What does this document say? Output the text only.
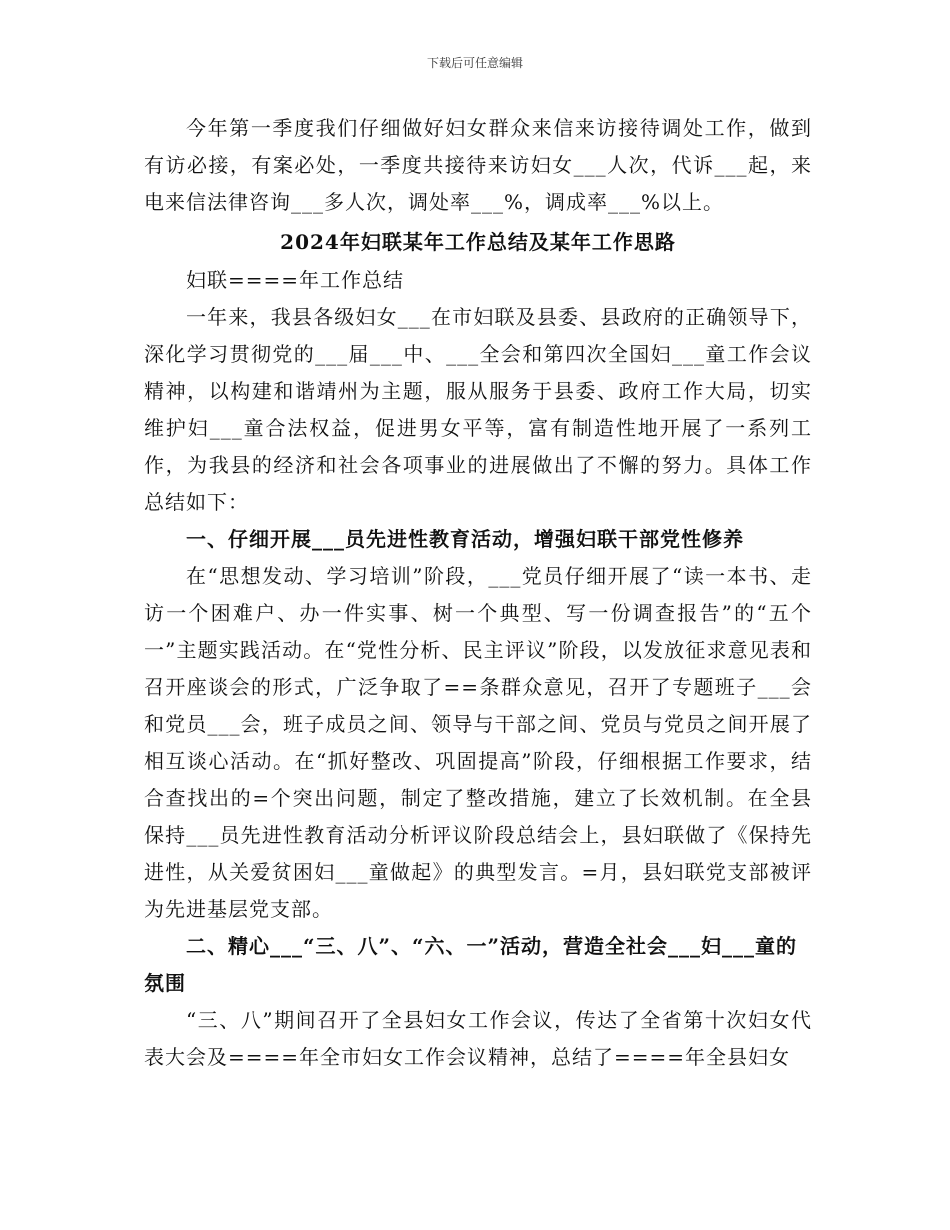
下载后可任意编辑

今年第一季度我们仔细做好妇女群众来信来访接待调处工作，做到有访必接，有案必处，一季度共接待来访妇女___人次，代诉___起，来电来信法律咨询___多人次，调处率___%，调成率___%以上。

2024年妇联某年工作总结及某年工作思路

妇联====年工作总结

一年来，我县各级妇女___在市妇联及县委、县政府的正确领导下，深化学习贯彻党的___届___中、___全会和第四次全国妇___童工作会议精神，以构建和谐靖州为主题，服从服务于县委、政府工作大局，切实维护妇___童合法权益，促进男女平等，富有制造性地开展了一系列工作，为我县的经济和社会各项事业的进展做出了不懈的努力。具体工作总结如下：

一、仔细开展___员先进性教育活动，增强妇联干部党性修养

在“思想发动、学习培训”阶段，___党员仔细开展了“读一本书、走访一个困难户、办一件实事、树一个典型、写一份调查报告”的“五个一”主题实践活动。在“党性分析、民主评议”阶段，以发放征求意见表和召开座谈会的形式，广泛争取了==条群众意见，召开了专题班子___会和党员___会，班子成员之间、领导与干部之间、党员与党员之间开展了相互谈心活动。在“抓好整改、巩固提高”阶段，仔细根据工作要求，结合查找出的=个突出问题，制定了整改措施，建立了长效机制。在全县保持___员先进性教育活动分析评议阶段总结会上，县妇联做了《保持先进性，从关爱贫困妇___童做起》的典型发言。=月，县妇联党支部被评为先进基层党支部。

二、精心___“三、八”、“六、一”活动，营造全社会___妇___童的氛围

“三、八”期间召开了全县妇女工作会议，传达了全省第十次妇女代表大会及====年全市妇女工作会议精神，总结了====年全县妇女
